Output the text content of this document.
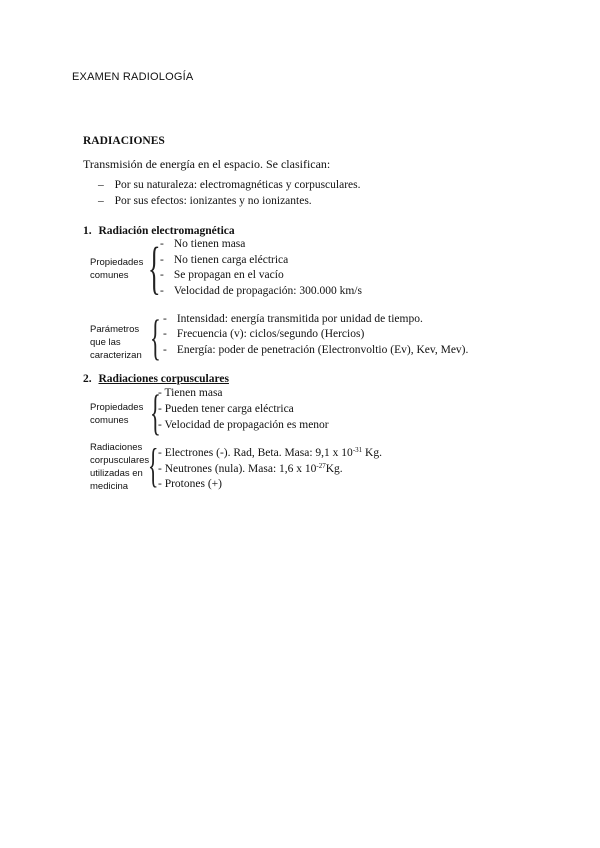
EXAMEN RADIOLOGÍA
RADIACIONES
Transmisión de energía en el espacio. Se clasifican:
– Por su naturaleza: electromagnéticas y corpusculares.
– Por sus efectos: ionizantes y no ionizantes.
1. Radiación electromagnética
Propiedades comunes { - No tienen masa
- No tienen carga eléctrica
- Se propagan en el vacío
- Velocidad de propagación: 300.000 km/s
Parámetros que las caracterizan { - Intensidad: energía transmitida por unidad de tiempo.
- Frecuencia (v): ciclos/segundo (Hercios)
- Energía: poder de penetración (Electronvoltio (Ev), Kev, Mev).
2. Radiaciones corpusculares
Propiedades comunes {
- Tienen masa
- Pueden tener carga eléctrica
- Velocidad de propagación es menor
Radiaciones corpusculares utilizadas en medicina { - Electrones (-). Rad, Beta. Masa: 9,1 x $10^{-31}$ Kg.
- Neutrones (nula). Masa: 1,6 x $10^{-27}Kg$.
- Protones (+)
